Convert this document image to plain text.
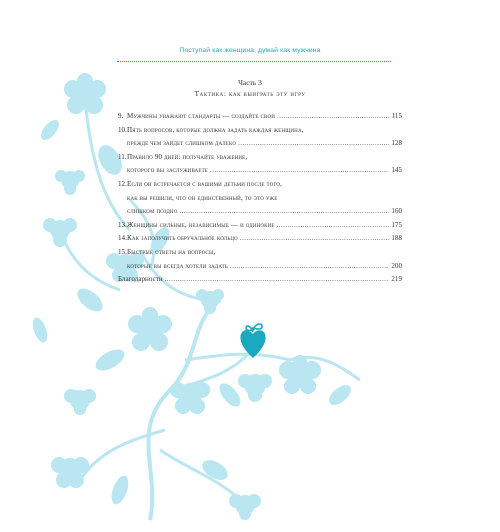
Поступай как женщина, думай как мужчина
Часть 3
Тактика: как выиграть эту игру
9. Мужчины уважают стандарты — создайте свои .....	115
10. Пять вопросов, которые должна задать каждая женщина,
прежде чем зайдет слишком далеко .....	128
11. Правило 90 дней: получайте уважение,
которого вы заслуживаете .....	145
12. Если он встречается с вашими детьми после того,
как вы решили, что он единственный, то это уже
слишком поздно .....	160
13. Женщины сильные, независимые — и одинокие .....	175
14. Как заполучить обручальное кольцо .....	188
15. Быстрые ответы на вопросы,
которые вы всегда хотели задать .....	200
Благодарности .....	219
